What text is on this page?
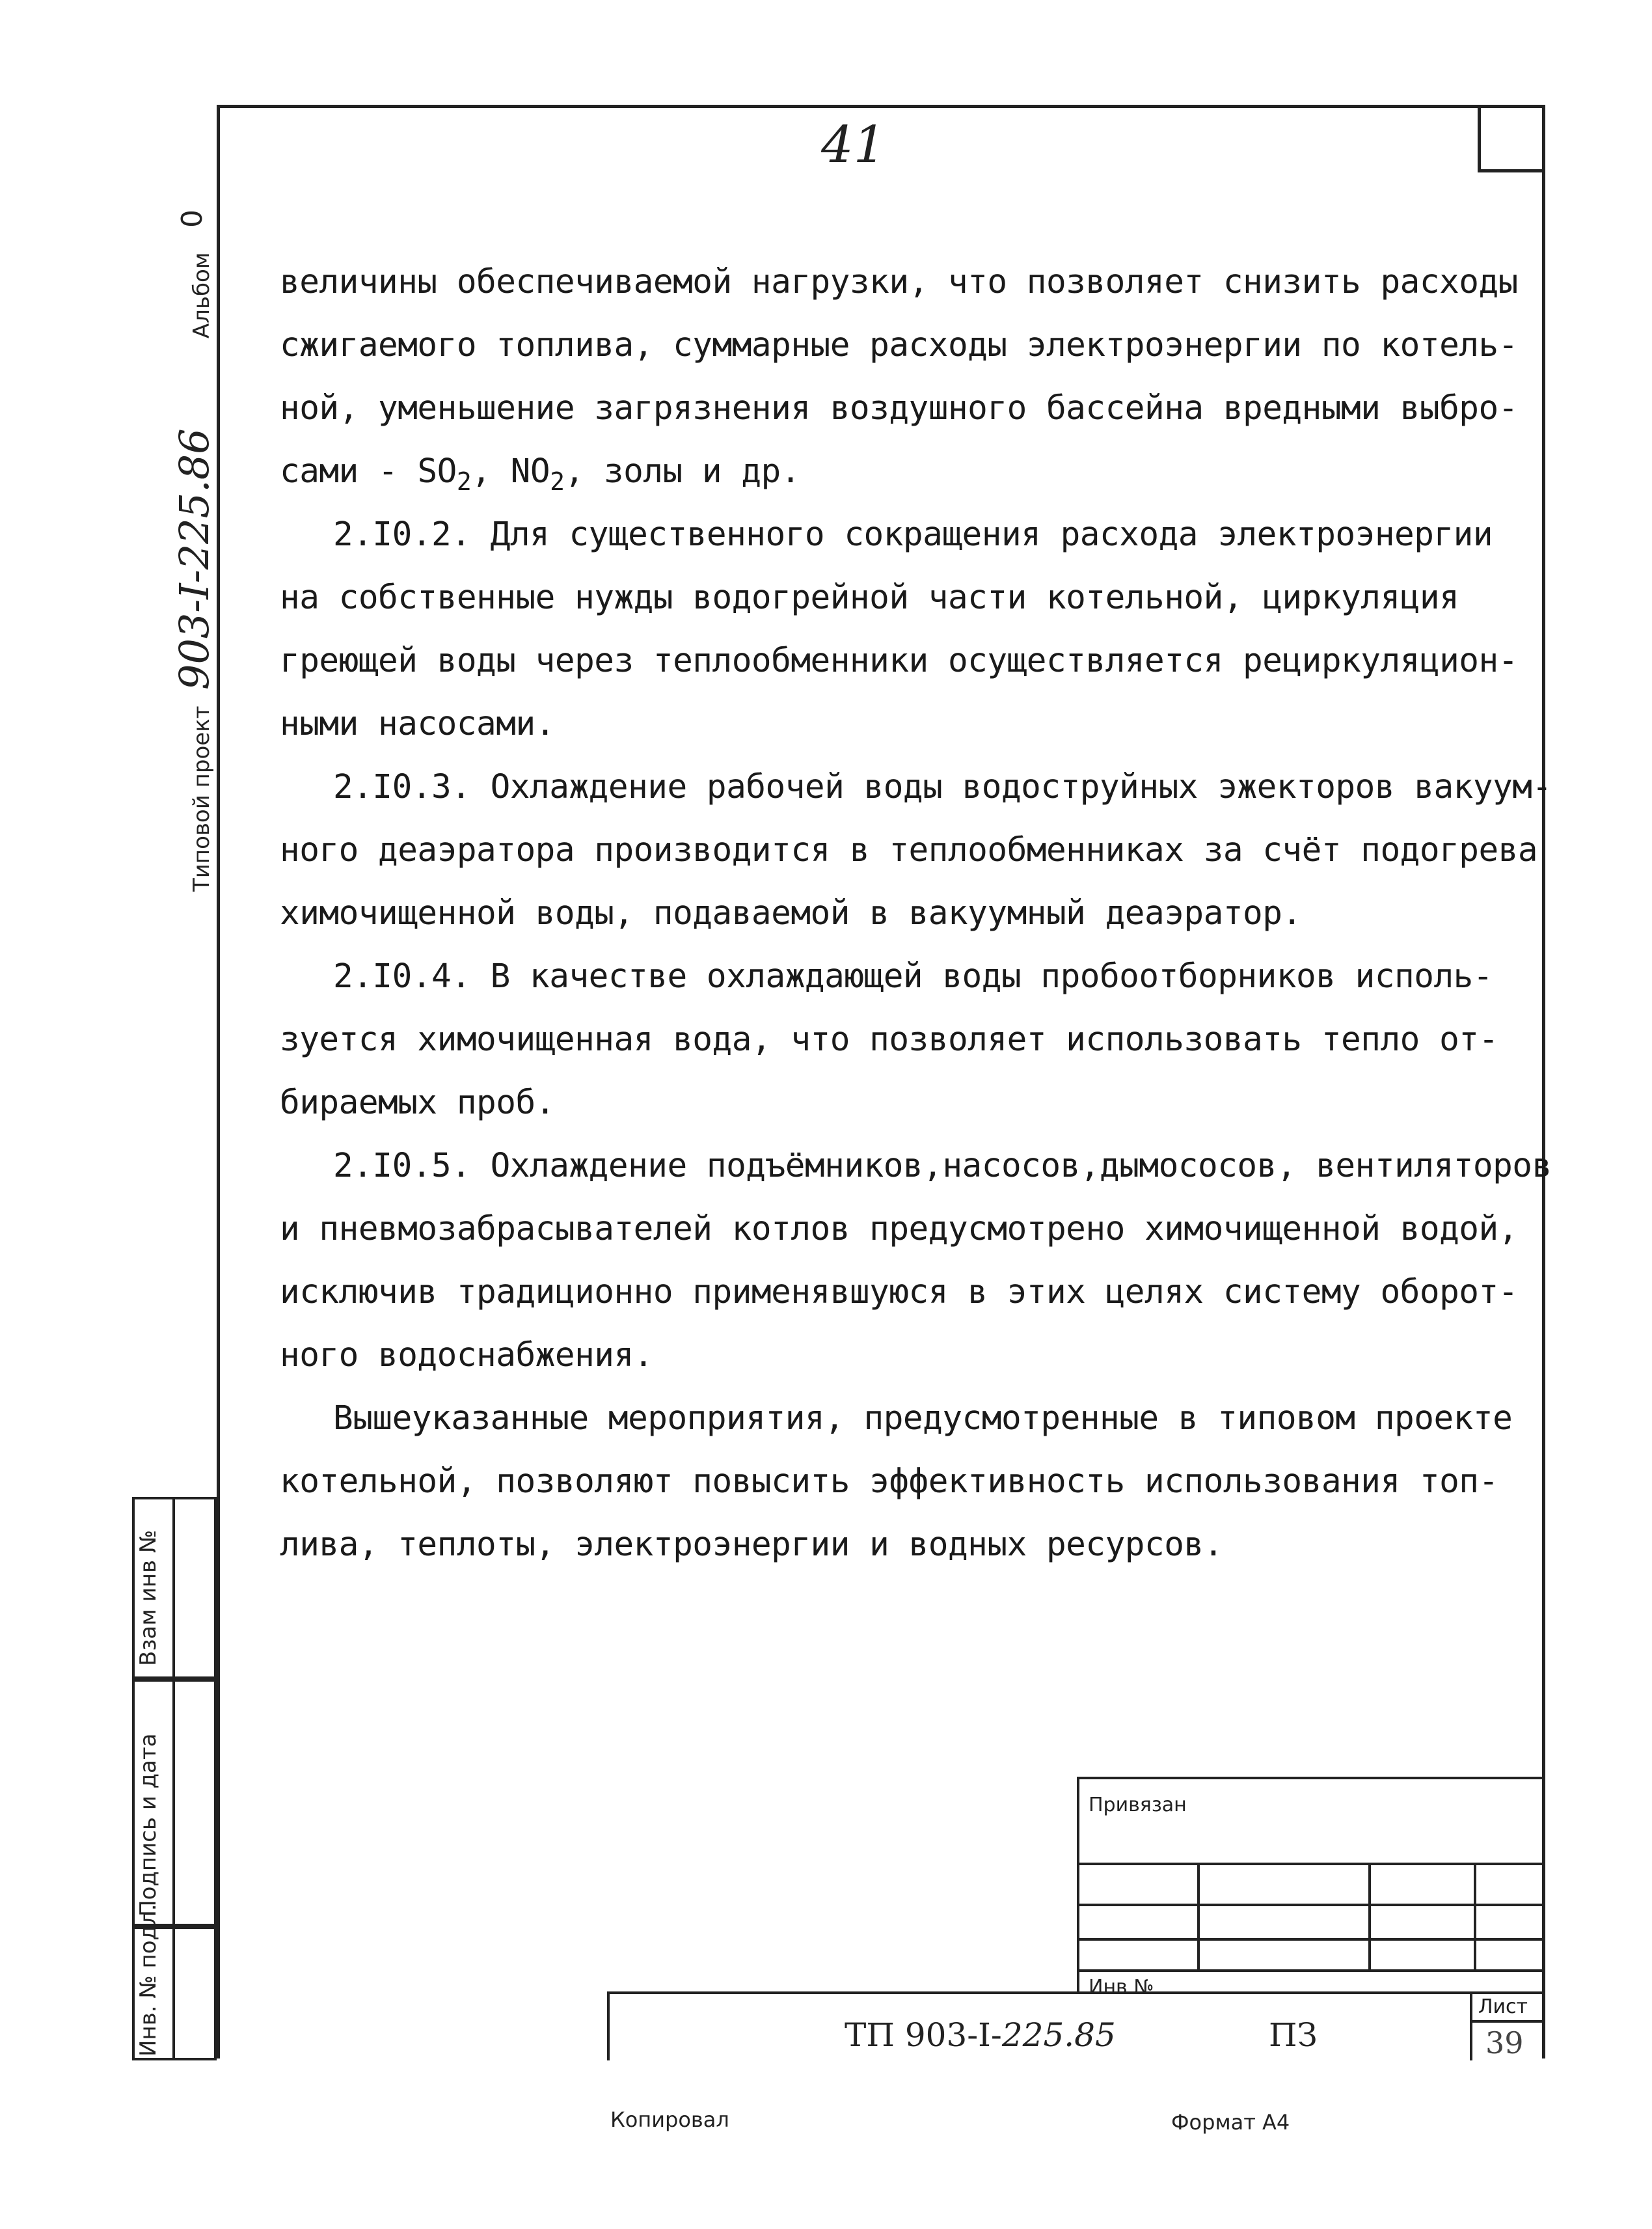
41
Альбом
0
Типовой проект
903-I-225.86
Взам инв №
Подпись и дата
Инв. № подл.
величины обеспечиваемой нагрузки, что позволяет снизить расходы
сжигаемого топлива, суммарные расходы электроэнергии по котель-
ной, уменьшение загрязнения воздушного бассейна вредными выбро-
сами - $SO_2$, $NO_2$, золы и др.
2.I0.2. Для существенного сокращения расхода электроэнергии
на собственные нужды водогрейной части котельной, циркуляция
греющей воды через теплообменники осуществляется рециркуляцион-
ными насосами.
2.I0.3. Охлаждение рабочей воды водоструйных эжекторов вакуум-
ного деаэратора производится в теплообменниках за счёт подогрева
химочищенной воды, подаваемой в вакуумный деаэратор.
2.I0.4. В качестве охлаждающей воды пробоотборников исполь-
зуется химочищенная вода, что позволяет использовать тепло от-
бираемых проб.
2.I0.5. Охлаждение подъёмников,насосов,дымососов, вентиляторов
и пневмозабрасывателей котлов предусмотрено химочищенной водой,
исключив традиционно применявшуюся в этих целях систему оборот-
ного водоснабжения.
Вышеуказанные мероприятия, предусмотренные в типовом проекте
котельной, позволяют повысить эффективность использования топ-
лива, теплоты, электроэнергии и водных ресурсов.
Привязан
Инв №
ТП 903-I-225.85	ПЗ
Лист
39
Копировал	Формат А4
